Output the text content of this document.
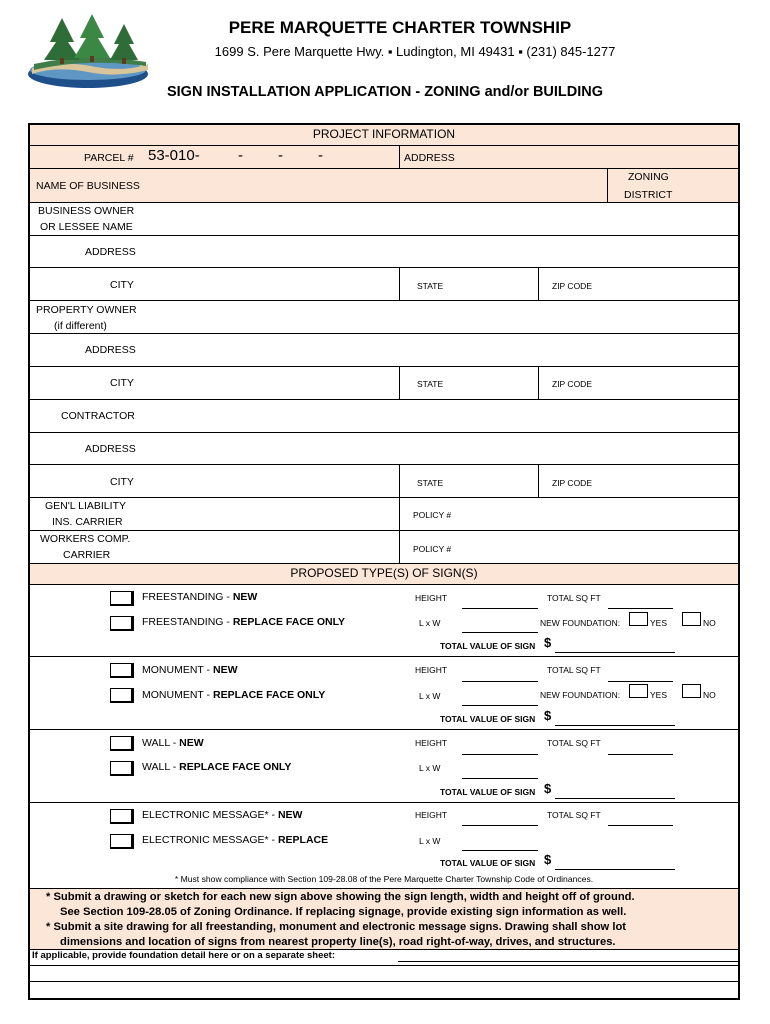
PERE MARQUETTE CHARTER TOWNSHIP
1699 S. Pere Marquette Hwy. ▪ Ludington, MI 49431 ▪ (231) 845-1277
SIGN INSTALLATION APPLICATION - ZONING and/or BUILDING
PROJECT INFORMATION
PARCEL # 53-010-	- - -	ADDRESS
NAME OF BUSINESS
ZONING
DISTRICT
BUSINESS OWNER
OR LESSEE NAME
ADDRESS
CITY	STATE	ZIP CODE
PROPERTY OWNER
(if different)
ADDRESS
CITY	STATE	ZIP CODE
CONTRACTOR
ADDRESS
CITY	STATE	ZIP CODE
GEN'L LIABILITY
INS. CARRIER
POLICY #
WORKERS COMP.
CARRIER	POLICY #
PROPOSED TYPE(S) OF SIGN(S)
FREESTANDING - NEW
FREESTANDING - REPLACE FACE ONLY
HEIGHT	TOTAL SQ FT
L x W	NEW FOUNDATION:	YES	NO
TOTAL VALUE OF SIGN $
MONUMENT - NEW
MONUMENT - REPLACE FACE ONLY
HEIGHT	TOTAL SQ FT
L x W	NEW FOUNDATION:	YES	NO
TOTAL VALUE OF SIGN $
WALL - NEW
WALL - REPLACE FACE ONLY
HEIGHT	TOTAL SQ FT
L x W
TOTAL VALUE OF SIGN $
ELECTRONIC MESSAGE* - NEW
ELECTRONIC MESSAGE* - REPLACE
HEIGHT	TOTAL SQ FT
L x W
TOTAL VALUE OF SIGN $
* Must show compliance with Section 109-28.08 of the Pere Marquette Charter Township Code of Ordinances.
* Submit a drawing or sketch for each new sign above showing the sign length, width and height off of ground.
See Section 109-28.05 of Zoning Ordinance. If replacing signage, provide existing sign information as well.
* Submit a site drawing for all freestanding, monument and electronic message signs. Drawing shall show lot
dimensions and location of signs from nearest property line(s), road right-of-way, drives, and structures.
If applicable, provide foundation detail here or on a separate sheet:
